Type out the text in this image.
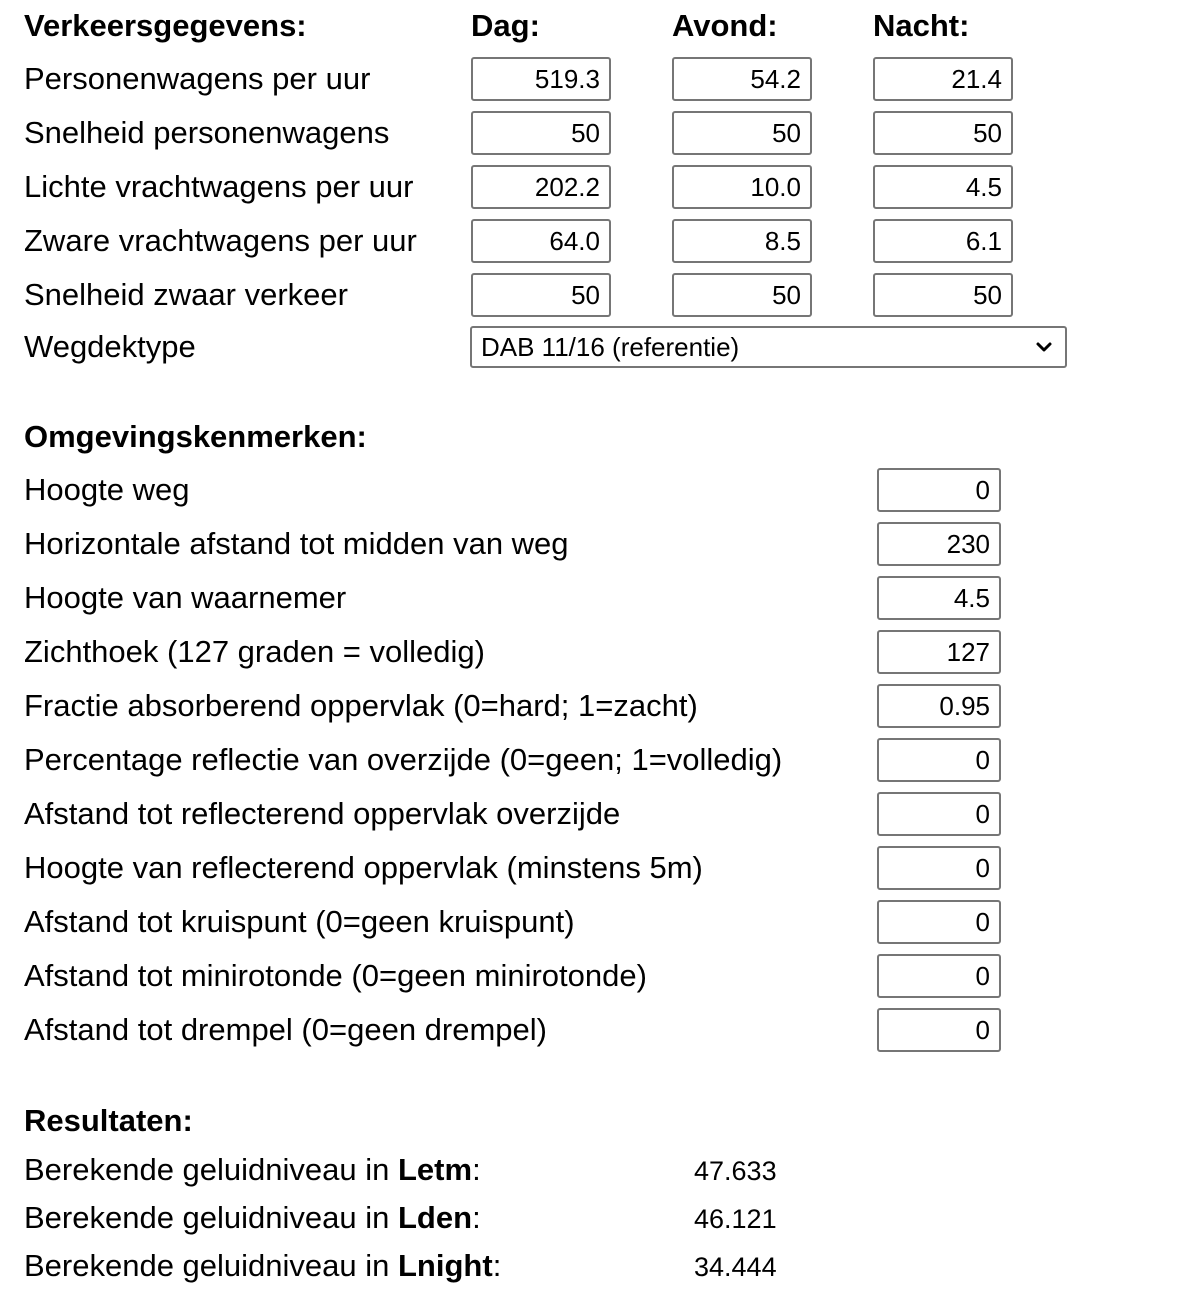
Verkeersgegevens:	Dag:	Avond:	Nacht:
Personenwagens per uur	519.3	54.2	21.4
Snelheid personenwagens	50	50	50
Lichte vrachtwagens per uur	202.2	10.0	4.5
Zware vrachtwagens per uur	64.0	8.5	6.1
Snelheid zwaar verkeer	50	50	50
Wegdektype	DAB 11/16 (referentie)
Omgevingskenmerken:
Hoogte weg	0
Horizontale afstand tot midden van weg	230
Hoogte van waarnemer	4.5
Zichthoek (127 graden = volledig)	127
Fractie absorberend oppervlak (0=hard; 1=zacht)	0.95
Percentage reflectie van overzijde (0=geen; 1=volledig)	0
Afstand tot reflecterend oppervlak overzijde	0
Hoogte van reflecterend oppervlak (minstens 5m)	0
Afstand tot kruispunt (0=geen kruispunt)	0
Afstand tot minirotonde (0=geen minirotonde)	0
Afstand tot drempel (0=geen drempel)	0
Resultaten:
Berekende geluidniveau in Letm:	47.633
Berekende geluidniveau in Lden:	46.121
Berekende geluidniveau in Lnight:	34.444
